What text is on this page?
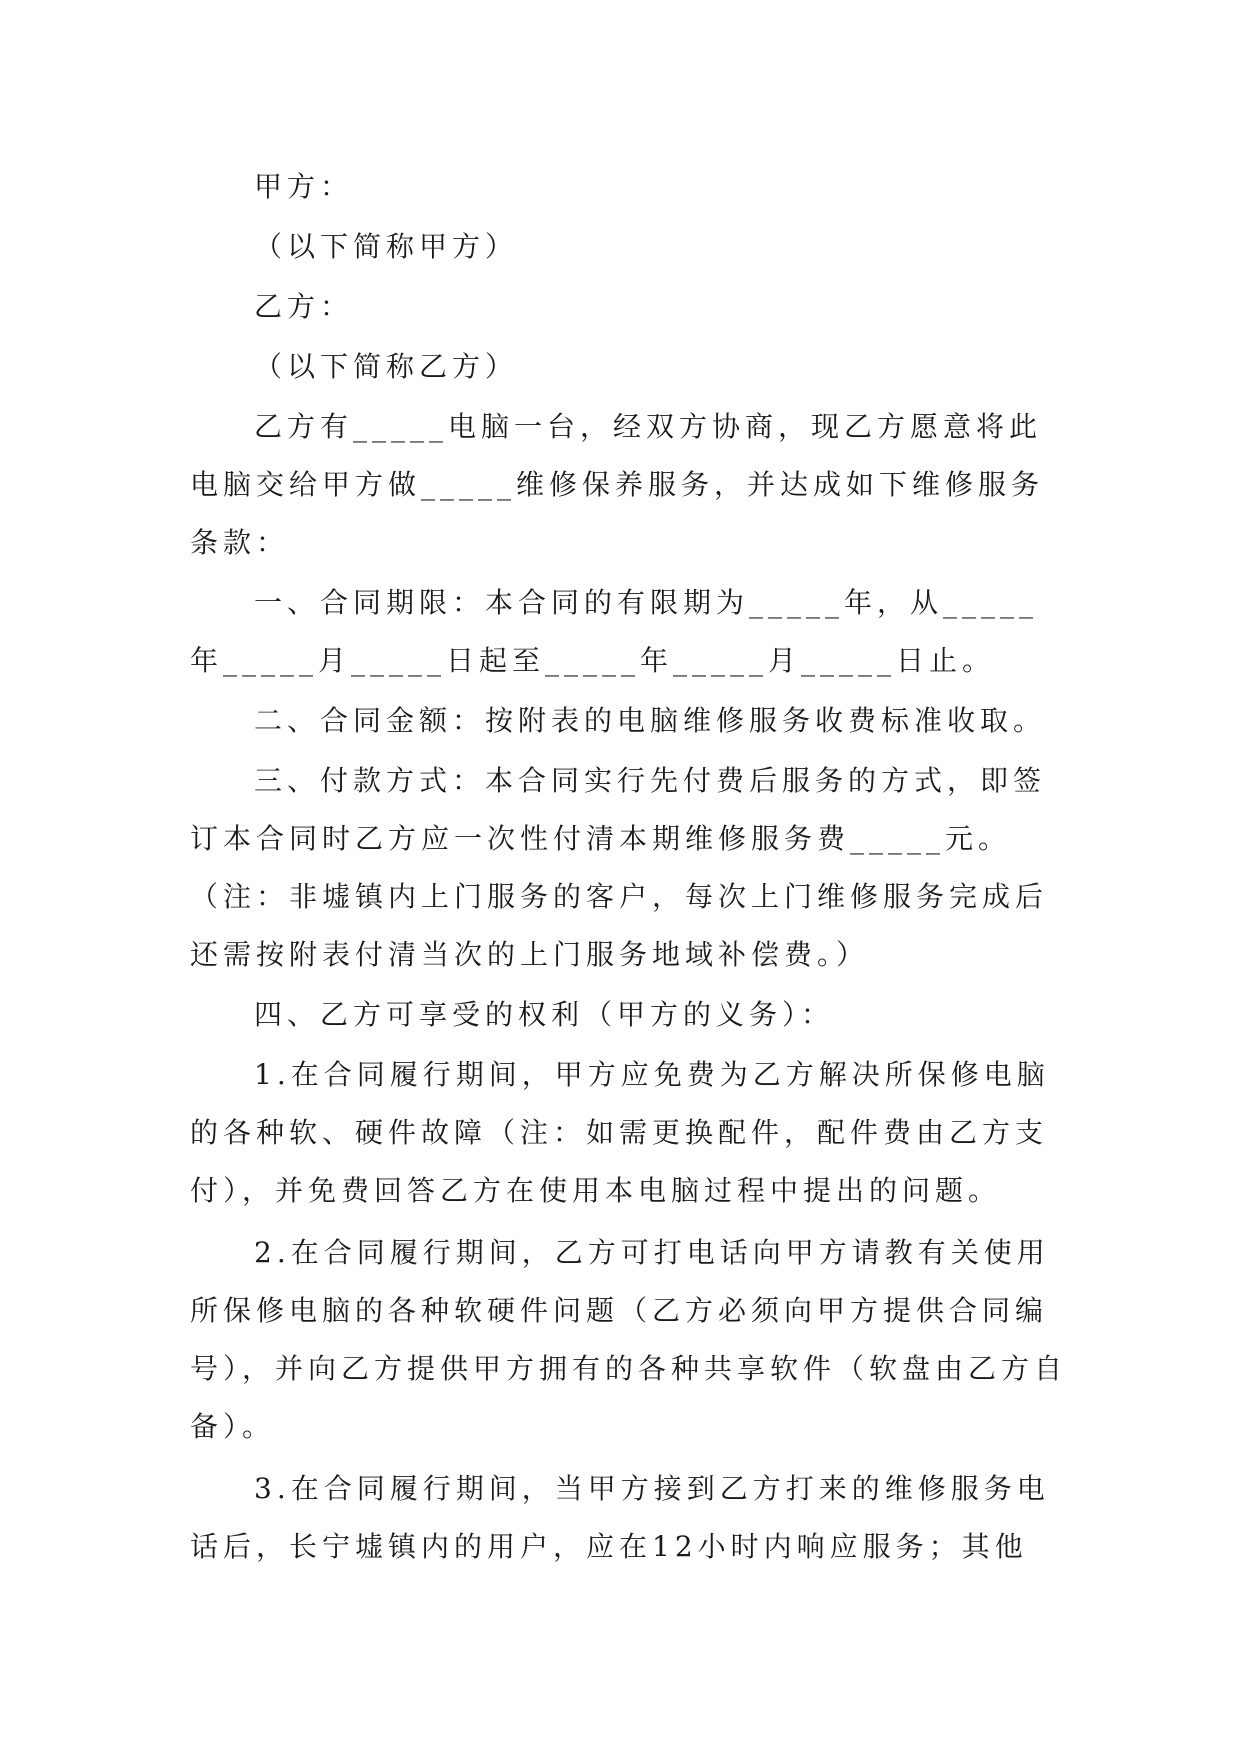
甲方：

（以下简称甲方）

乙方：

（以下简称乙方）

乙方有_____电脑一台，经双方协商，现乙方愿意将此电脑交给甲方做_____维修保养服务，并达成如下维修服务条款：

一、合同期限：本合同的有限期为_____年，从_____年_____月_____日起至_____年_____月_____日止。

二、合同金额：按附表的电脑维修服务收费标准收取。

三、付款方式：本合同实行先付费后服务的方式，即签订本合同时乙方应一次性付清本期维修服务费_____元。（注：非墟镇内上门服务的客户，每次上门维修服务完成后还需按附表付清当次的上门服务地域补偿费。）

四、乙方可享受的权利（甲方的义务）：

1.在合同履行期间，甲方应免费为乙方解决所保修电脑的各种软、硬件故障（注：如需更换配件，配件费由乙方支付），并免费回答乙方在使用本电脑过程中提出的问题。

2.在合同履行期间，乙方可打电话向甲方请教有关使用所保修电脑的各种软硬件问题（乙方必须向甲方提供合同编号），并向乙方提供甲方拥有的各种共享软件（软盘由乙方自备）。

3.在合同履行期间，当甲方接到乙方打来的维修服务电话后，长宁墟镇内的用户，应在12小时内响应服务；其他
